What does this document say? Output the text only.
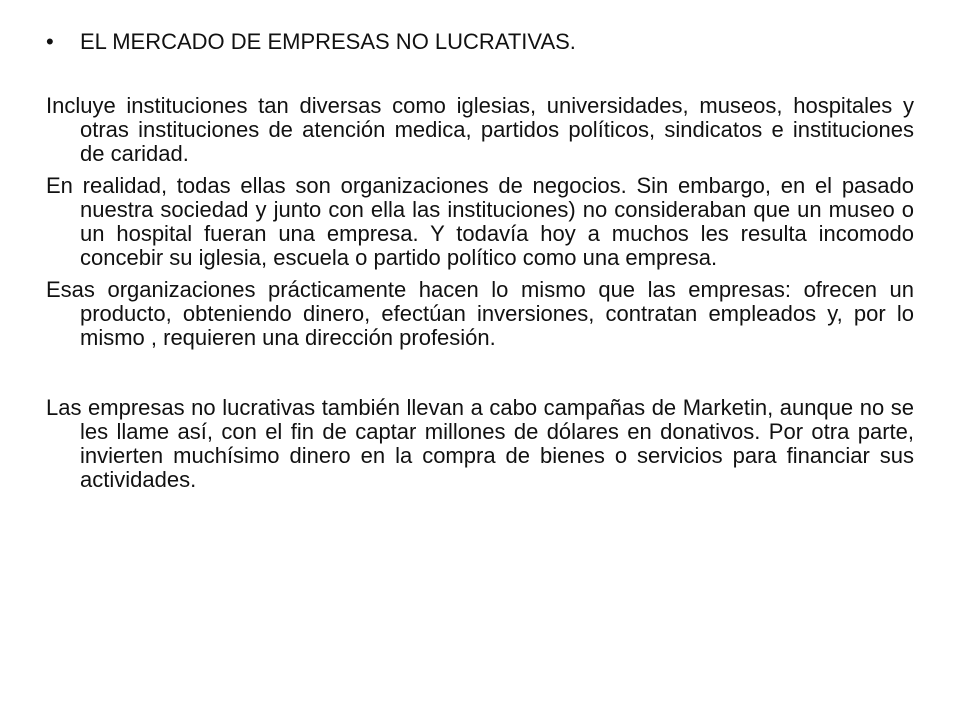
•	EL MERCADO DE EMPRESAS NO LUCRATIVAS.

Incluye instituciones tan diversas como iglesias, universidades, museos, hospitales y otras instituciones de atención medica, partidos políticos, sindicatos e instituciones de caridad.

En realidad, todas ellas son organizaciones de negocios. Sin embargo, en el pasado nuestra sociedad y junto con ella las instituciones) no consideraban que un museo o un hospital fueran una empresa. Y todavía hoy a muchos les resulta incomodo concebir su iglesia, escuela o partido político como una empresa.

Esas organizaciones prácticamente hacen lo mismo que las empresas: ofrecen un producto, obteniendo dinero, efectúan inversiones, contratan empleados y, por lo mismo , requieren una dirección profesión.

Las empresas no lucrativas también llevan a cabo campañas de Marketin, aunque no se les llame así, con el fin de captar millones de dólares en donativos. Por otra parte, invierten muchísimo dinero en la compra de bienes o servicios para financiar sus actividades.
